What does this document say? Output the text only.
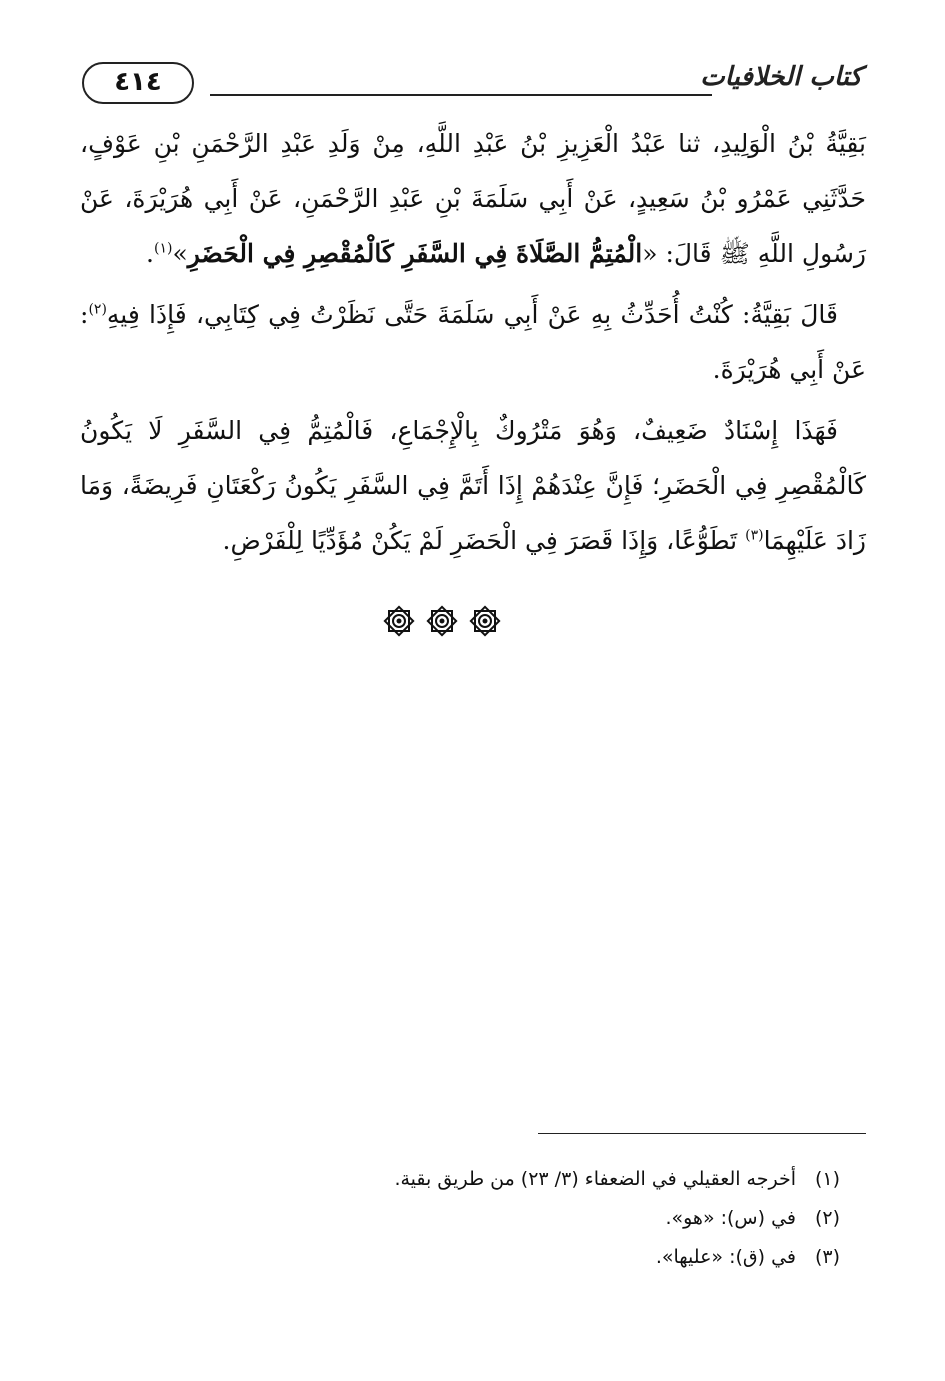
كتاب الخلافيات
٤١٤

بَقِيَّةُ بْنُ الْوَلِيدِ، ثنا عَبْدُ الْعَزِيزِ بْنُ عَبْدِ اللَّهِ، مِنْ وَلَدِ عَبْدِ الرَّحْمَنِ بْنِ عَوْفٍ، حَدَّثَنِي عَمْرُو بْنُ سَعِيدٍ، عَنْ أَبِي سَلَمَةَ بْنِ عَبْدِ الرَّحْمَنِ، عَنْ أَبِي هُرَيْرَةَ، عَنْ رَسُولِ اللَّهِ ﷺ قَالَ: «الْمُتِمُّ الصَّلَاةَ فِي السَّفَرِ كَالْمُقْصِرِ فِي الْحَضَرِ»$^{(١)}$.

قَالَ بَقِيَّةُ: كُنْتُ أُحَدِّثُ بِهِ عَنْ أَبِي سَلَمَةَ حَتَّى نَظَرْتُ فِي كِتَابِي، فَإِذَا فِيهِ$^{(٢)}$: عَنْ أَبِي هُرَيْرَةَ.

فَهَذَا إِسْنَادٌ ضَعِيفٌ، وَهُوَ مَتْرُوكٌ بِالْإِجْمَاعِ، فَالْمُتِمُّ فِي السَّفَرِ لَا يَكُونُ كَالْمُقْصِرِ فِي الْحَضَرِ؛ فَإِنَّ عِنْدَهُمْ إِذَا أَتَمَّ فِي السَّفَرِ يَكُونُ رَكْعَتَانِ فَرِيضَةً، وَمَا زَادَ عَلَيْهِمَا$^{(٣)}$ تَطَوُّعًا، وَإِذَا قَصَرَ فِي الْحَضَرِ لَمْ يَكُنْ مُؤَدِّيًا لِلْفَرْضِ.

(١)
أخرجه العقيلي في الضعفاء (٣/ ٢٣) من طريق بقية.
(٢)
في (س): «هو».
(٣)
في (ق): «عليها».
